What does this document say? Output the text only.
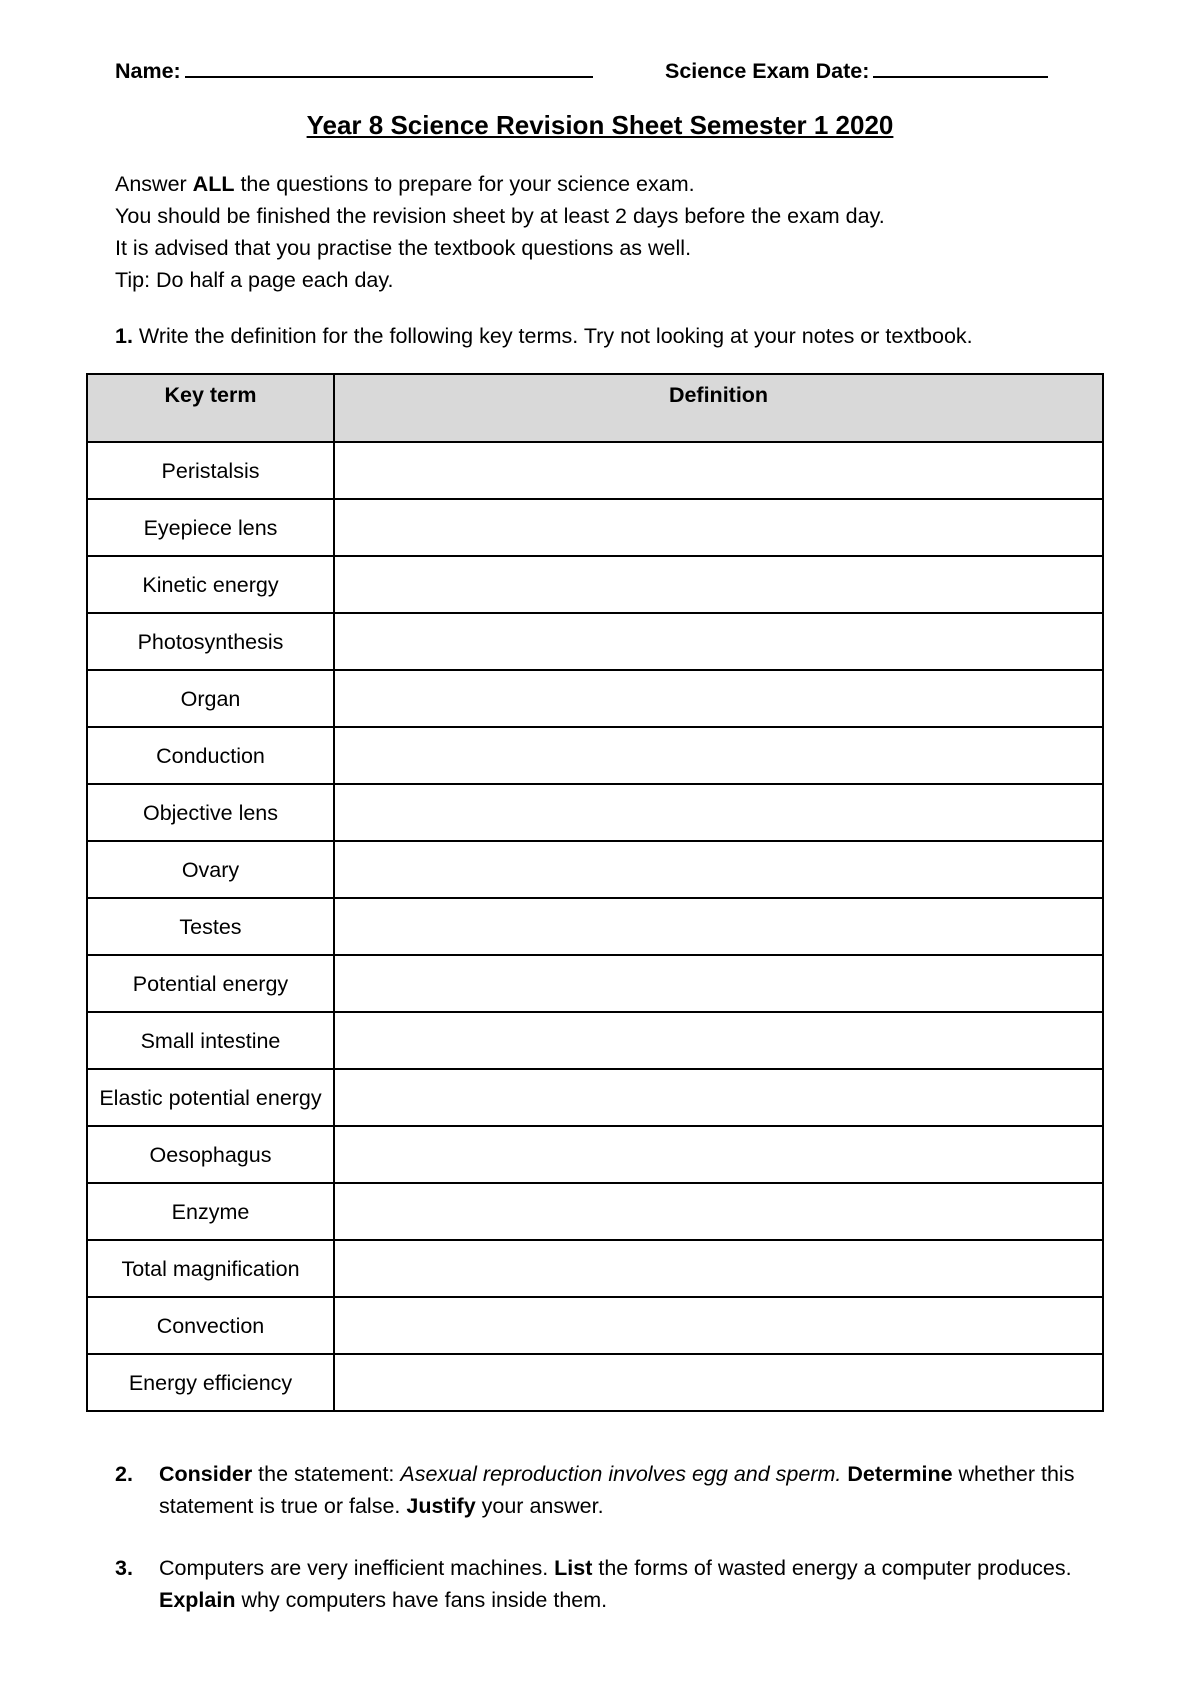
Name:	Science Exam Date:
Year 8 Science Revision Sheet Semester 1 2020
Answer ALL the questions to prepare for your science exam.
You should be finished the revision sheet by at least 2 days before the exam day.
It is advised that you practise the textbook questions as well.
Tip: Do half a page each day.
1. Write the definition for the following key terms. Try not looking at your notes or textbook.
Key term	Definition
Peristalsis	
Eyepiece lens	
Kinetic energy	
Photosynthesis	
Organ	
Conduction	
Objective lens	
Ovary	
Testes	
Potential energy	
Small intestine	
Elastic potential energy	
Oesophagus	
Enzyme	
Total magnification	
Convection	
Energy efficiency	
2. Consider the statement: Asexual reproduction involves egg and sperm. Determine whether this statement is true or false. Justify your answer.
3. Computers are very inefficient machines. List the forms of wasted energy a computer produces. Explain why computers have fans inside them.
